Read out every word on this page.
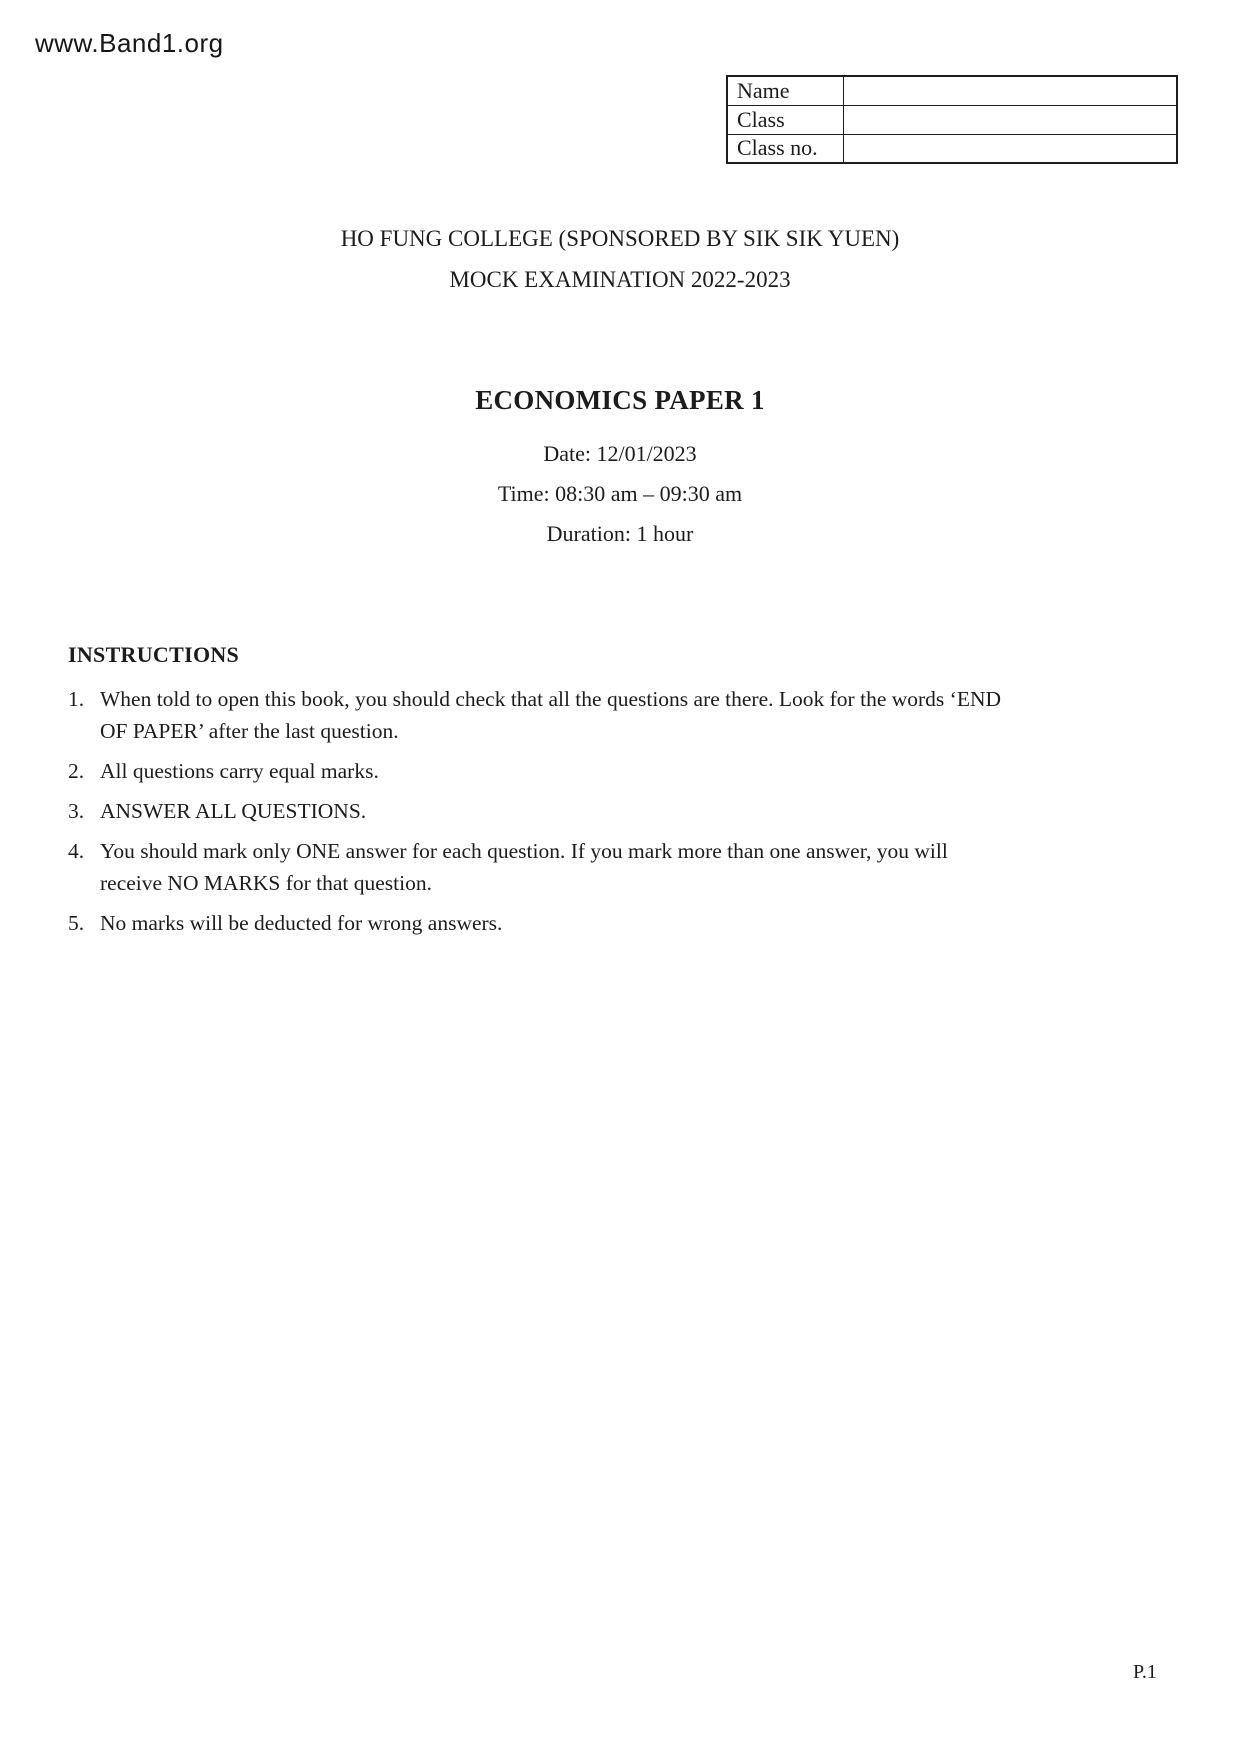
www.Band1.org
Name	
Class	
Class no.	
HO FUNG COLLEGE (SPONSORED BY SIK SIK YUEN)
MOCK EXAMINATION 2022-2023
ECONOMICS PAPER 1
Date: 12/01/2023
Time: 08:30 am – 09:30 am
Duration: 1 hour
INSTRUCTIONS
1. When told to open this book, you should check that all the questions are there. Look for the words ‘END
OF PAPER’ after the last question.
2. All questions carry equal marks.
3. ANSWER ALL QUESTIONS.
4. You should mark only ONE answer for each question. If you mark more than one answer, you will
receive NO MARKS for that question.
5. No marks will be deducted for wrong answers.
P.1
